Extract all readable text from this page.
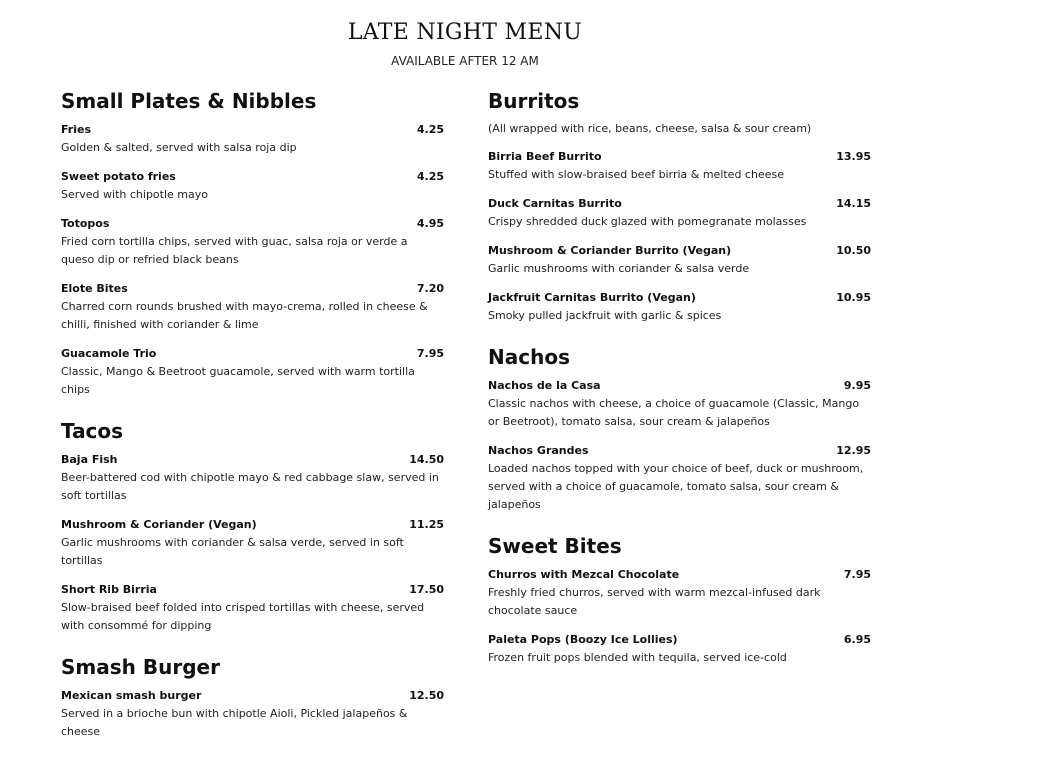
LATE NIGHT MENU
AVAILABLE AFTER 12 AM
Small Plates & Nibbles
Fries	4.25
Golden & salted, served with salsa roja dip
Sweet potato fries	4.25
Served with chipotle mayo
Totopos	4.95
Fried corn tortilla chips, served with guac, salsa roja or verde a queso dip or refried black beans
Elote Bites	7.20
Charred corn rounds brushed with mayo-crema, rolled in cheese & chilli, finished with coriander & lime
Guacamole Trio	7.95
Classic, Mango & Beetroot guacamole, served with warm tortilla chips
Tacos
Baja Fish	14.50
Beer-battered cod with chipotle mayo & red cabbage slaw, served in soft tortillas
Mushroom & Coriander (Vegan)	11.25
Garlic mushrooms with coriander & salsa verde, served in soft tortillas
Short Rib Birria	17.50
Slow-braised beef folded into crisped tortillas with cheese, served with consommé for dipping
Smash Burger
Mexican smash burger	12.50
Served in a brioche bun with chipotle Aioli, Pickled jalapeños & cheese
Burritos
(All wrapped with rice, beans, cheese, salsa & sour cream)
Birria Beef Burrito	13.95
Stuffed with slow-braised beef birria & melted cheese
Duck Carnitas Burrito	14.15
Crispy shredded duck glazed with pomegranate molasses
Mushroom & Coriander Burrito (Vegan)	10.50
Garlic mushrooms with coriander & salsa verde
Jackfruit Carnitas Burrito (Vegan)	10.95
Smoky pulled jackfruit with garlic & spices
Nachos
Nachos de la Casa	9.95
Classic nachos with cheese, a choice of guacamole (Classic, Mango or Beetroot), tomato salsa, sour cream & jalapeños
Nachos Grandes	12.95
Loaded nachos topped with your choice of beef, duck or mushroom, served with a choice of guacamole, tomato salsa, sour cream & jalapeños
Sweet Bites
Churros with Mezcal Chocolate	7.95
Freshly fried churros, served with warm mezcal-infused dark chocolate sauce
Paleta Pops (Boozy Ice Lollies)	6.95
Frozen fruit pops blended with tequila, served ice-cold
